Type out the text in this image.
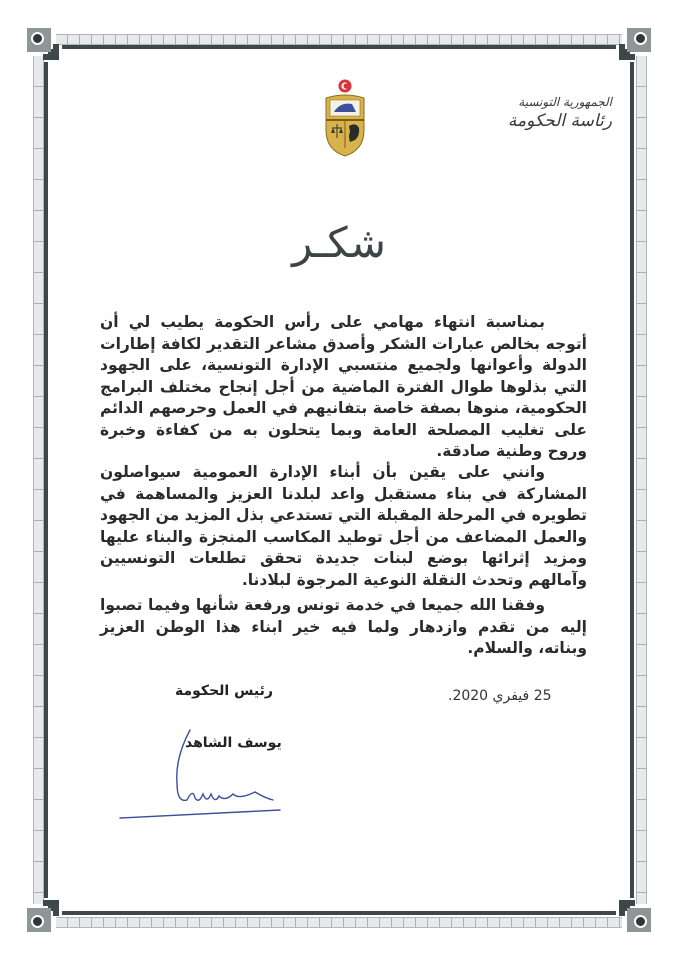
الجمهورية التونسية
رئاسة الحكومة
شكـر

بمناسبة انتهاء مهامي على رأس الحكومة يطيب لي أن أتوجه بخالص عبارات الشكر وأصدق مشاعر التقدير لكافة إطارات الدولة وأعوانها ولجميع منتسبي الإدارة التونسية، على الجهود التي بذلوها طوال الفترة الماضية من أجل إنجاح مختلف البرامج الحكومية، منوها بصفة خاصة بتفانيهم في العمل وحرصهم الدائم على تغليب المصلحة العامة وبما يتحلون به من كفاءة وخبرة وروح وطنية صادقة.

وانني على يقين بأن أبناء الإدارة العمومية سيواصلون المشاركة في بناء مستقبل واعد لبلدنا العزيز والمساهمة في تطويره في المرحلة المقبلة التي تستدعي بذل المزيد من الجهود والعمل المضاعف من أجل توطيد المكاسب المنجزة والبناء عليها ومزيد إثرائها بوضع لبنات جديدة تحقق تطلعات التونسيين وآمالهم وتحدث النقلة النوعية المرجوة لبلادنا.

وفقنا الله جميعا في خدمة تونس ورفعة شأنها وفيما تصبوا إليه من تقدم وازدهار ولما فيه خير ابناء هذا الوطن العزيز وبناته، والسلام.

25 فيفري 2020.
رئيس الحكومة
يوسف الشاهد
